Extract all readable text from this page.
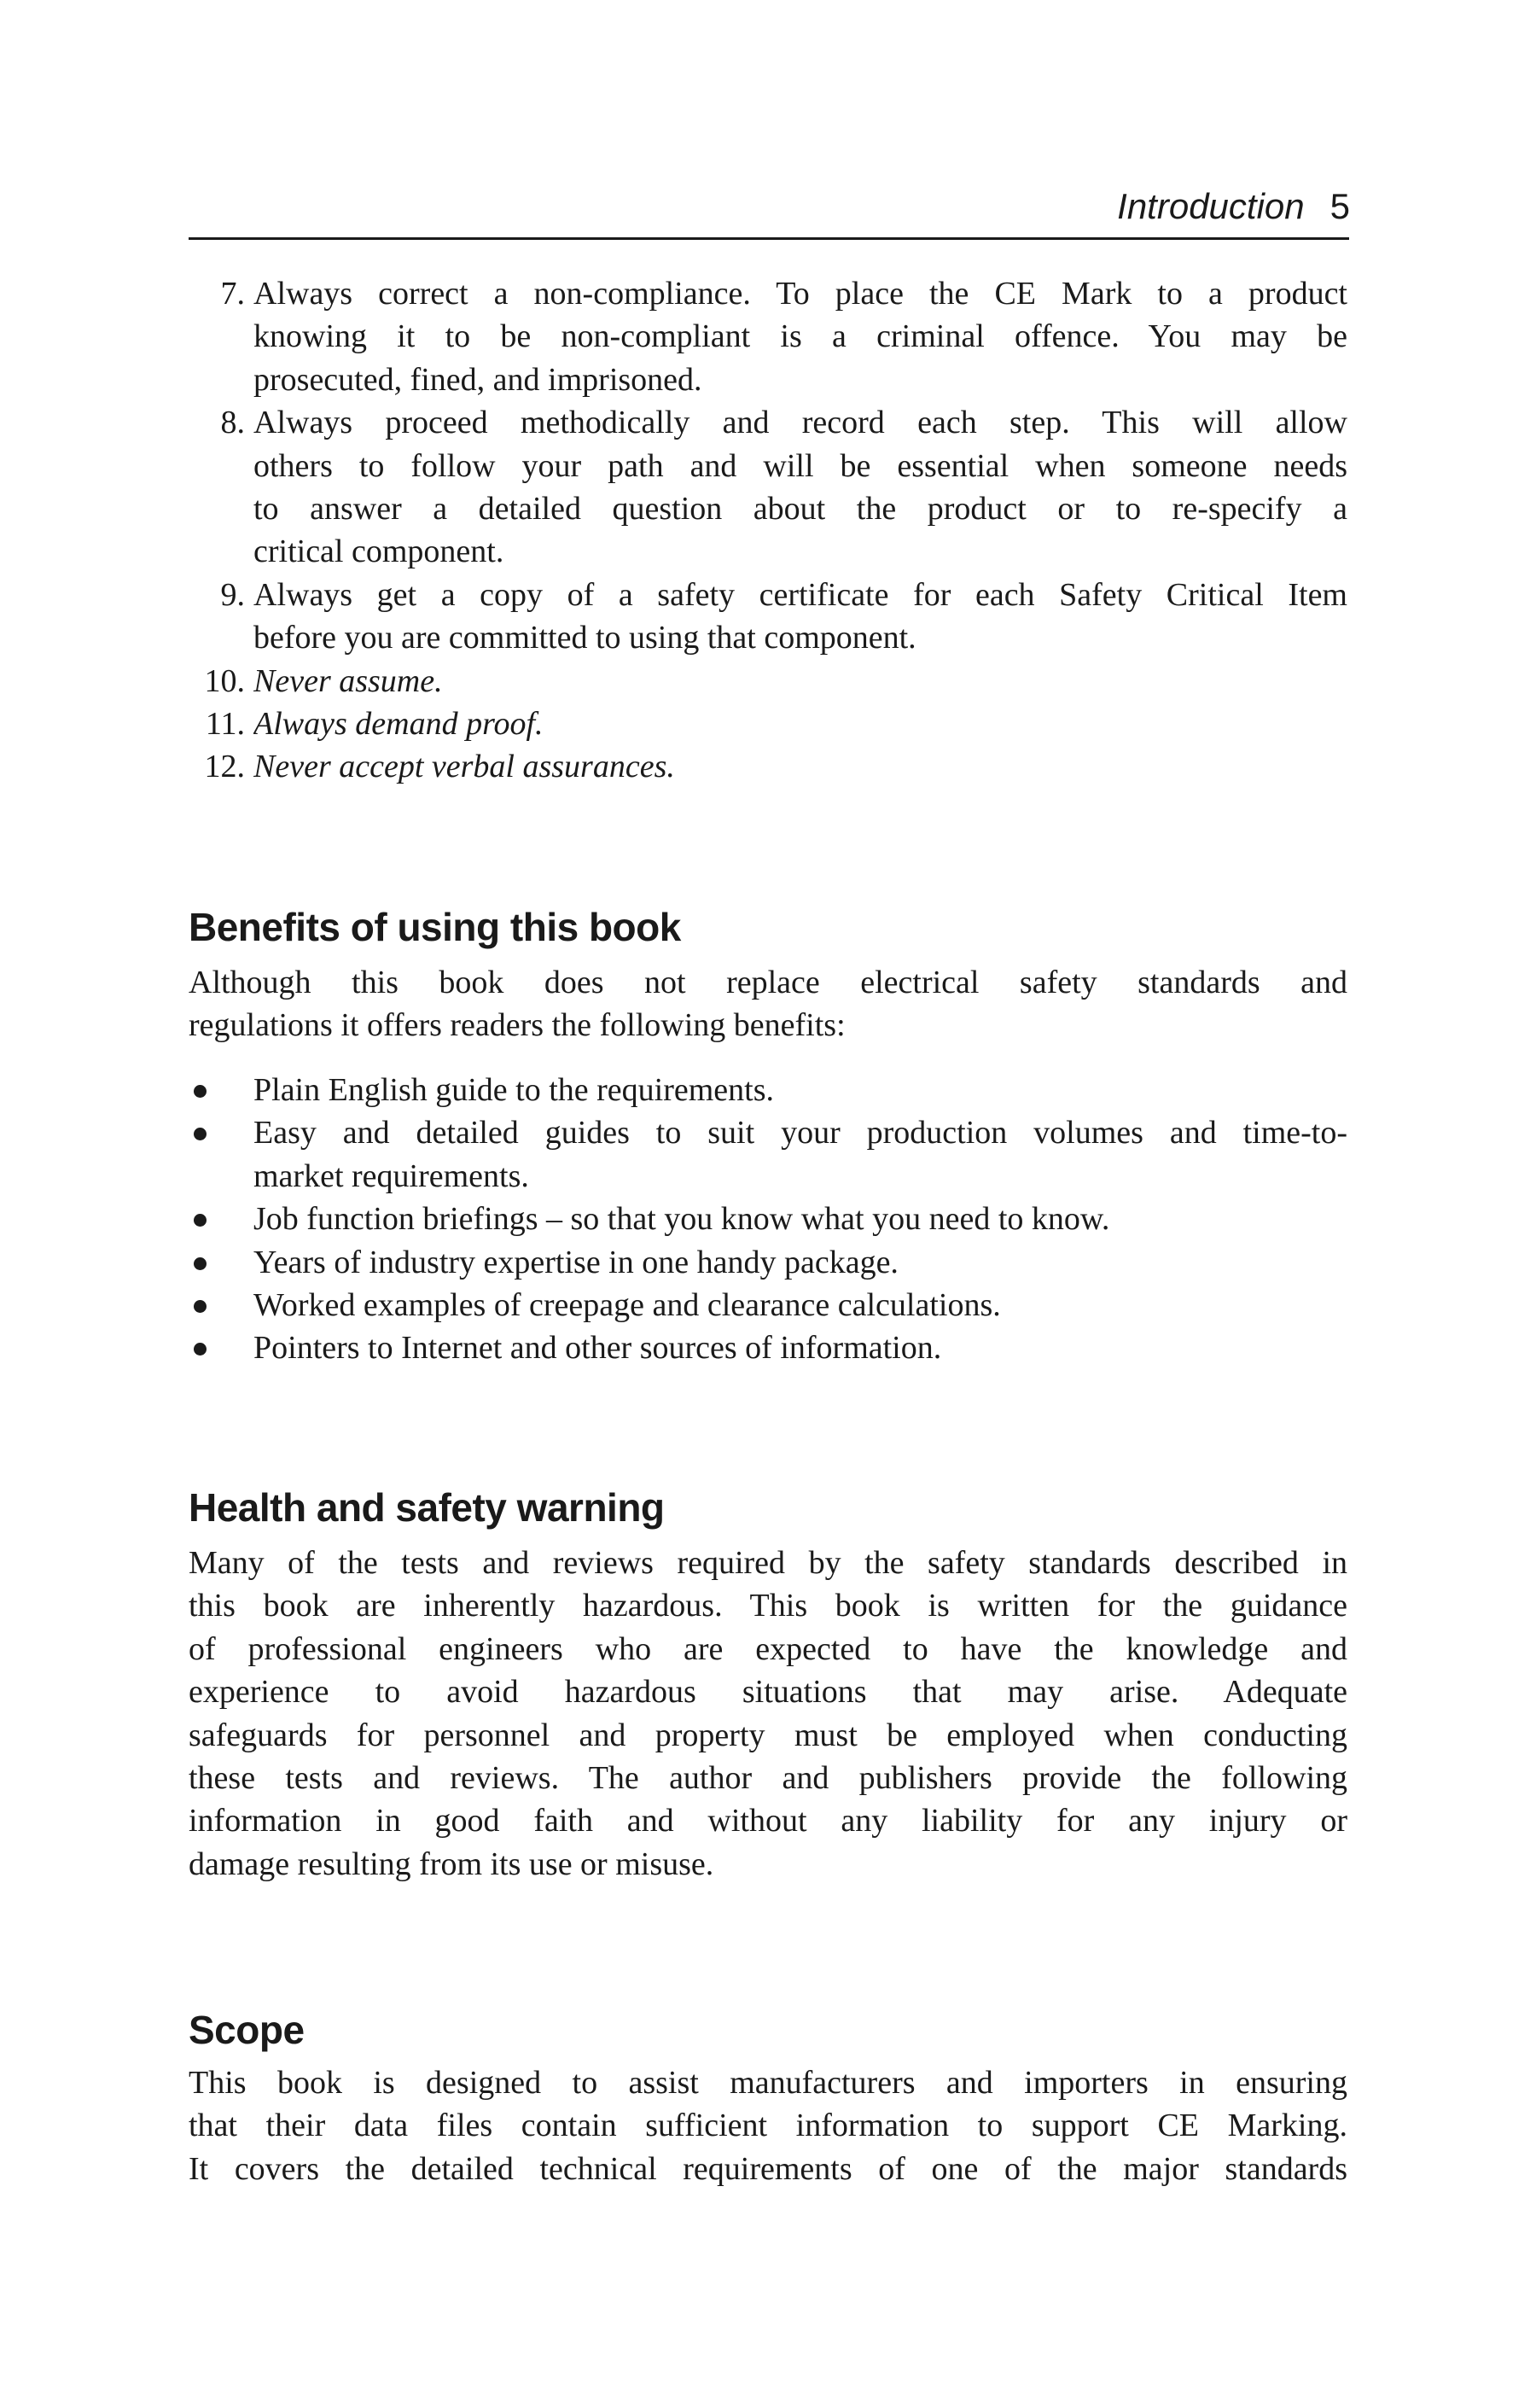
Introduction 5
7. Always correct a non-compliance. To place the CE Mark to a product
knowing it to be non-compliant is a criminal offence. You may be
prosecuted, fined, and imprisoned.
8. Always proceed methodically and record each step. This will allow
others to follow your path and will be essential when someone needs
to answer a detailed question about the product or to re-specify a
critical component.
9. Always get a copy of a safety certificate for each Safety Critical Item
before you are committed to using that component.
10. Never assume.
11. Always demand proof.
12. Never accept verbal assurances.
Benefits of using this book
Although this book does not replace electrical safety standards and
regulations it offers readers the following benefits:
Plain English guide to the requirements.
Easy and detailed guides to suit your production volumes and time-to-
market requirements.
Job function briefings – so that you know what you need to know.
Years of industry expertise in one handy package.
Worked examples of creepage and clearance calculations.
Pointers to Internet and other sources of information.
Health and safety warning
Many of the tests and reviews required by the safety standards described in
this book are inherently hazardous. This book is written for the guidance
of professional engineers who are expected to have the knowledge and
experience to avoid hazardous situations that may arise. Adequate
safeguards for personnel and property must be employed when conducting
these tests and reviews. The author and publishers provide the following
information in good faith and without any liability for any injury or
damage resulting from its use or misuse.
Scope
This book is designed to assist manufacturers and importers in ensuring
that their data files contain sufficient information to support CE Marking.
It covers the detailed technical requirements of one of the major standards
